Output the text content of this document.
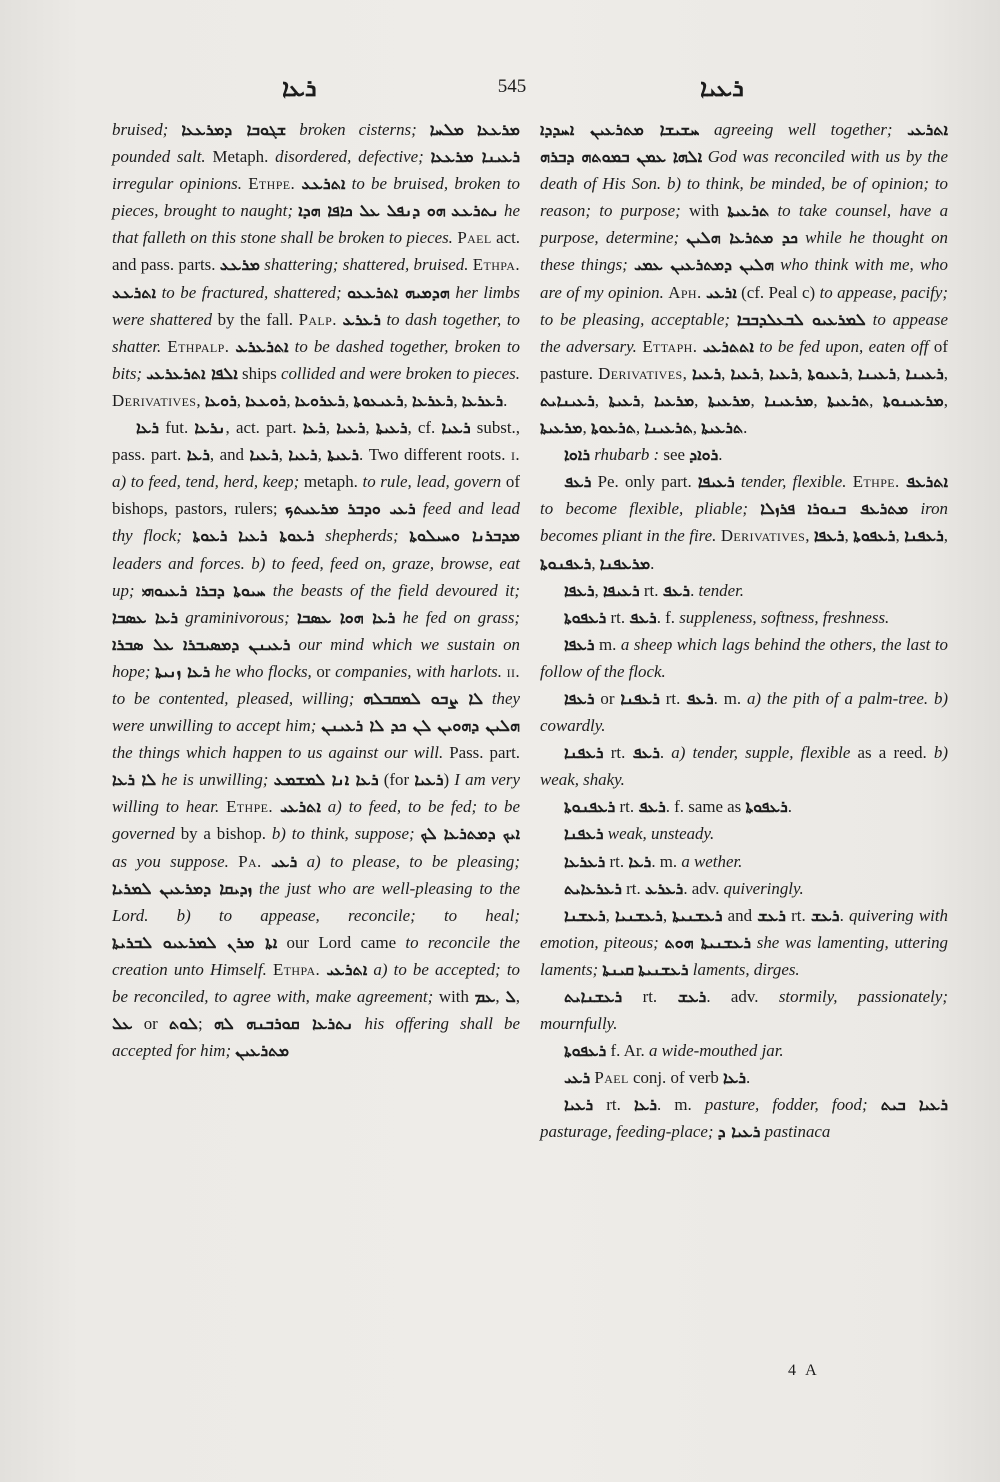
ܪܥܐ	545	ܪܥܝܐ

bruised; ܫܓܘܒܐ ܕܡܪܥܥܐ broken cisterns; ܡܠܚܐ ܡܪܥܥܐ pounded salt. Metaph. disordered, defective; ܪܥܝܢܐ ܡܪܥܥܐ irregular opinions. Ethpe. ܐܬܪܥܥ to be bruised, broken to pieces, brought to naught; ܗܘ ܕܢܦܠ ܥܠ ܟܐܦܐ ܗܕܐ ܢܬܪܥܥ he that falleth on this stone shall be broken to pieces. Pael act. and pass. parts. ܡܪܥܥ shattering; shattered, bruised. Ethpa. ܐܬܪܥܥ to be fractured, shattered; ܗܕܡܝܗ ܐܬܪܥܥܘ her limbs were shattered by the fall. Palp. ܪܥܪܥ to dash together, to shatter. Ethpalp. ܐܬܪܥܪܥ to be dashed together, broken to bits; ܐܠܦܐ ܐܬܪܥܪܥܝ ships collided and were broken to pieces. Derivatives, ܪܘܥܐ, ܪܘܥܥܐ, ܪܥܪܘܥܐ, ܪܥܝܥܘܬܐ, ܪܥܪܥܐ, ܪܥܪܥܐ.

ܪܥܐ fut. ܢܪܥܐ, act. part. ܪܥܐ, ܪܥܝܐ, ܪܥܝܬܐ, cf. ܪܥܝܐ subst., pass. part. ܪܥܐ, and ܪܥܝܐ, ܪܥܝܐ, ܪܥܝܬܐ. Two different roots. i. a) to feed, tend, herd, keep; metaph. to rule, lead, govern of bishops, pastors, rulers; ܪܥܝ ܘܕܒܪ ܡܪܥܝܬܟ feed and lead thy flock; ܪܥܘܬܐ ܪܥܘܬܐ ܪܥܝܐ shepherds; ܡܕܒܪܢܐ ܘܚܝܠܘܬܐ leaders and forces. b) to feed, feed on, graze, browse, eat up; ܚܝܘܬܐ ܕܒܪܐ ܪܥܝܘܗܝ the beasts of the field devoured it; ܪܥܐ ܥܣܒܐ graminivorous; ܪܥܐ ܗܘܐ ܥܣܒܐ he fed on grass; ܪܥܝܢܢ ܕܡܣܝܒܪܐ ܥܠ ܣܒܪܐ our mind which we sustain on hope; ܪܥܐ ܙܢܝܬܐ he who flocks, or companies, with harlots. ii. to be contented, pleased, willing; ܠܐ ܨܒܘ ܠܡܩܒܠܗ they were unwilling to accept him; ܗܠܝܢ ܕܗܘܝܢ ܠܢ ܟܕ ܠܐ ܪܥܝܢܢ the things which happen to us against our will. Pass. part. ܠܐ ܪܥܐ he is unwilling; ܪܥܐ ܐܢܐ ܠܡܫܡܥ (for ܪܥܝܐ) I am very willing to hear. Ethpe. ܐܬܪܥܝ a) to feed, to be fed; to be governed by a bishop. b) to think, suppose; ܐܝܟ ܕܡܬܪܥܐ ܠܟ as you suppose. Pa. ܪܥܝ a) to please, to be pleasing; ܙܕܝܩܐ ܕܡܪܥܝܢ ܠܡܪܝܐ the just who are well-pleasing to the Lord. b) to appease, reconcile; to heal; ܐܬܐ ܡܪܢ ܠܡܪܥܝܘ ܠܒܪܝܬܐ our Lord came to reconcile the creation unto Himself. Ethpa. ܐܬܪܥܝ a) to be accepted; to be reconciled, to agree with, make agreement; with ܥܡ, ܠ, ܥܠ or ܠܘܬ; ܢܬܪܥܐ ܩܘܪܒܢܗ ܠܗ his offering shall be accepted for him; ܡܬܪܥܝܢ

ܚܫܝܫܐ ܡܬܪܥܝܢ ܐܚܕܕܐ agreeing well together; ܐܬܪܥܝ ܐܠܗܐ ܥܡܢ ܒܡܘܬܗ ܕܒܪܗ God was reconciled with us by the death of His Son. b) to think, be minded, be of opinion; to reason; to purpose; with ܬܪܥܝܬܐ to take counsel, have a purpose, determine; ܟܕ ܡܬܪܥܐ ܗܠܝܢ while he thought on these things; ܗܠܝܢ ܕܡܬܪܥܝܢ ܥܡܝ who think with me, who are of my opinion. Aph. ܐܪܥܝ (cf. Peal c) to appease, pacify; to be pleasing, acceptable; ܠܡܪܥܝܘ ܠܒܥܠܕܒܒܐ to appease the adversary. Ettaph. ܐܬܬܪܥܝ to be fed upon, eaten off of pasture. Derivatives, ܪܥܝܐ, ܪܥܝܐ, ܪܥܝܐ, ܪܥܝܘܬܐ, ܪܥܝܢܐ, ܪܥܝܢܐ, ܪܥܝܢܐܝܬ, ܪܥܝܬܐ, ܡܪܥܝܐ, ܡܪܥܝܬܐ, ܡܪܥܝܢܐ, ܬܪܥܝܬܐ, ܡܪܥܝܢܘܬܐ, ܡܪܥܝܬܐ, ܬܪܥܘܬܐ, ܬܪܥܝܢܐ, ܬܪܥܝܬܐ.

ܪܐܘܐ rhubarb : see ܪܘܐܕ.

ܪܥܦ Pe. only part. ܪܥܝܦܐ tender, flexible. Ethpe. ܐܬܪܥܦ to become flexible, pliable; ܦܪܙܠܐ ܡܬܪܥܦ ܒܢܘܪܐ iron becomes pliant in the fire. Derivatives, ܪܥܦܐ, ܪܥܦܘܬܐ, ܪܥܦܢܐ, ܪܥܦܢܘܬܐ, ܡܪܥܦܢܐ.

ܪܥܦܐ, ܪܥܝܦܐ rt. ܪܥܦ. tender.

ܪܥܦܘܬܐ rt. ܪܥܦ. f. suppleness, softness, freshness.

ܪܥܦܐ m. a sheep which lags behind the others, the last to follow of the flock.

ܪܥܦܐ or ܪܥܦܢܐ rt. ܪܥܦ. m. a) the pith of a palm-tree. b) cowardly.

ܪܥܦܢܐ rt. ܪܥܦ. a) tender, supple, flexible as a reed. b) weak, shaky.

ܪܥܦܢܘܬܐ rt. ܪܥܦ. f. same as ܪܥܦܘܬܐ.

ܪܥܦܢܐ weak, unsteady.

ܪܥܪܥܐ rt. ܪܥܐ. m. a wether.

ܪܥܪܥܐܝܬ rt. ܪܥܪܥ. adv. quiveringly.

ܪܥܫܢܐ, ܪܥܫܢܝܐ, ܪܥܫܢܝܬܐ and ܪܥܫ rt. ܪܥܫ. quivering with emotion, piteous; ܪܥܫܢܝܬܐ ܗܘܬ she was lamenting, uttering laments; ܩܝܢܬܐ ܪܥܫܢܝܬܐ laments, dirges.

ܪܥܫܢܐܝܬ rt. ܪܥܫ. adv. stormily, passionately; mournfully.

ܪܥܦܘܬܐ f. Ar. a wide-mouthed jar.

ܪܥܝ Pael conj. of verb ܪܥܐ.

ܪܥܝܐ rt. ܪܥܐ. m. pasture, fodder, food; ܒܝܬ ܪܥܝܐ pasturage, feeding-place; ܪܥܝܐ ܕ pastinaca

4 A
